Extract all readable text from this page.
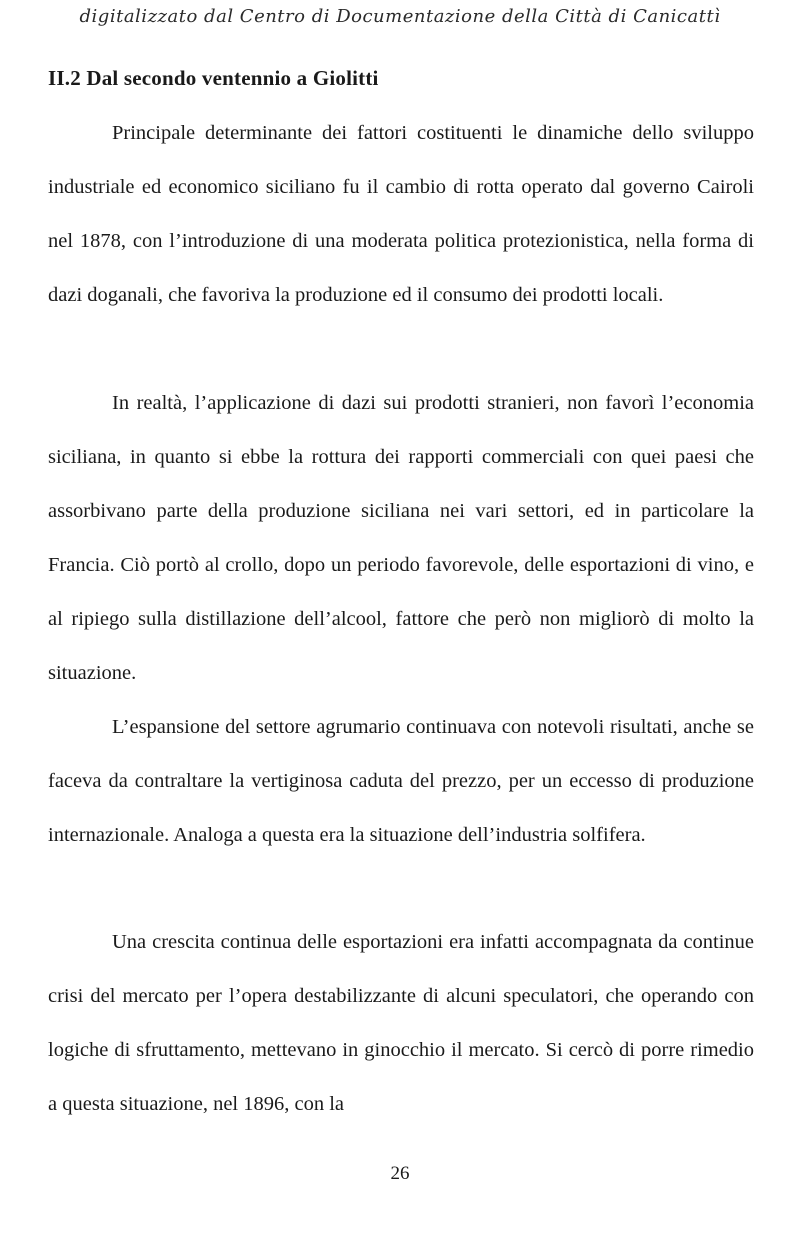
digitalizzato dal Centro di Documentazione della Città di Canicattì
II.2 Dal secondo ventennio a Giolitti

Principale determinante dei fattori costituenti le dinamiche dello sviluppo industriale ed economico siciliano fu il cambio di rotta operato dal governo Cairoli nel 1878, con l’introduzione di una moderata politica protezionistica, nella forma di dazi doganali, che favoriva la produzione ed il consumo dei prodotti locali.

In realtà, l’applicazione di dazi sui prodotti stranieri, non favorì l’economia siciliana, in quanto si ebbe la rottura dei rapporti commerciali con quei paesi che assorbivano parte della produzione siciliana nei vari settori, ed in particolare la Francia. Ciò portò al crollo, dopo un periodo favorevole, delle esportazioni di vino, e al ripiego sulla distillazione dell’alcool, fattore che però non migliorò di molto la situazione.

L’espansione del settore agrumario continuava con notevoli risultati, anche se faceva da contraltare la vertiginosa caduta del prezzo, per un eccesso di produzione internazionale. Analoga a questa era la situazione dell’industria solfifera.

Una crescita continua delle esportazioni era infatti accompagnata da continue crisi del mercato per l’opera destabilizzante di alcuni speculatori, che operando con logiche di sfruttamento, mettevano in ginocchio il mercato. Si cercò di porre rimedio a questa situazione, nel 1896, con la

26
